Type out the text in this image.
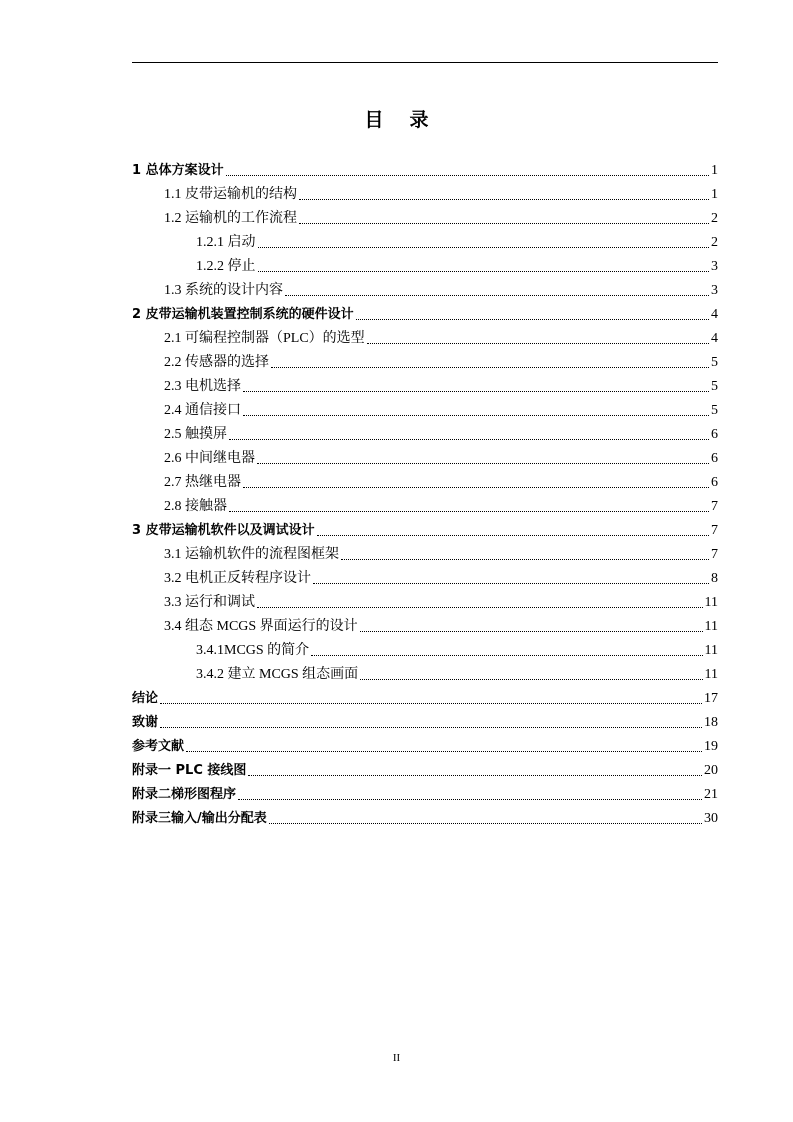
目录
1 总体方案设计	1
1.1 皮带运输机的结构	1
1.2 运输机的工作流程	2
1.2.1 启动	2
1.2.2 停止	3
1.3 系统的设计内容	3
2 皮带运输机装置控制系统的硬件设计	4
2.1 可编程控制器（PLC）的选型	4
2.2 传感器的选择	5
2.3 电机选择	5
2.4 通信接口	5
2.5 触摸屏	6
2.6 中间继电器	6
2.7 热继电器	6
2.8 接触器	7
3 皮带运输机软件以及调试设计	7
3.1 运输机软件的流程图框架	7
3.2 电机正反转程序设计	8
3.3 运行和调试	11
3.4 组态 MCGS 界面运行的设计	11
3.4.1MCGS 的简介	11
3.4.2 建立 MCGS 组态画面	11
结论	17
致谢	18
参考文献	19
附录一 PLC 接线图	20
附录二梯形图程序	21
附录三输入/输出分配表	30
II
